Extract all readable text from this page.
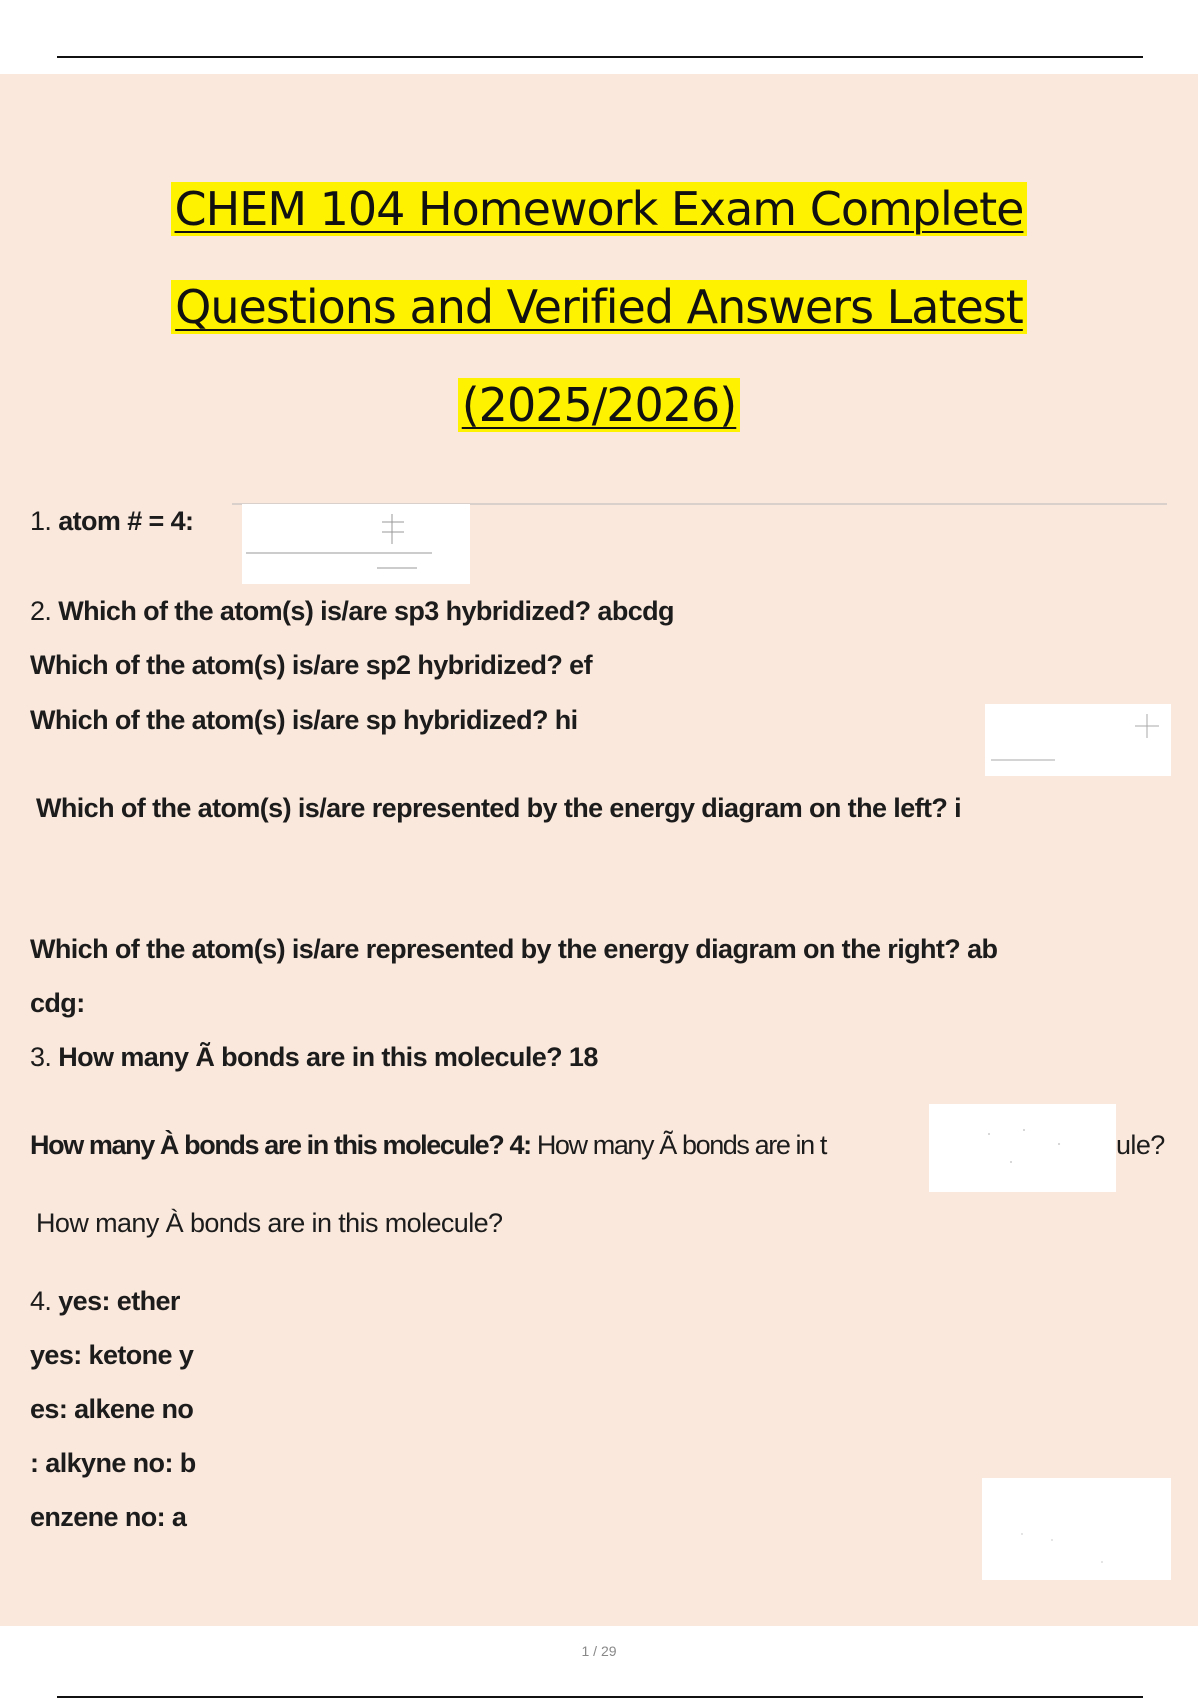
CHEM 104 Homework Exam Complete
Questions and Verified Answers Latest
(2025/2026)
1. atom # = 4:
2. Which of the atom(s) is/are sp3 hybridized? abcdg
Which of the atom(s) is/are sp2 hybridized? ef
Which of the atom(s) is/are sp hybridized? hi
Which of the atom(s) is/are represented by the energy diagram on the left? i
Which of the atom(s) is/are represented by the energy diagram on the right? ab
cdg:
3. How many Ã bonds are in this molecule? 18
How many À bonds are in this molecule? 4: How many Ã bonds are in t	ule?
How many À bonds are in this molecule?
4. yes: ether
yes: ketone y
es: alkene no
: alkyne no: b
enzene no: a
1 / 29
